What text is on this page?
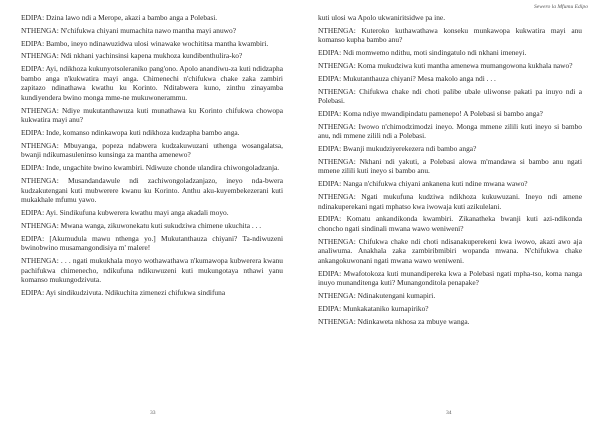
EDIPA: Dzina lawo ndi a Merope, akazi a bambo anga a Polebasi.

NTHENGA: N'chifukwa chiyani mumachita nawo mantha mayi anuwo?

EDIPA: Bambo, ineyo ndinawuzidwa ulosi winawake wochititsa mantha kwambiri.

NTHENGA: Ndi nkhani yachinsinsi kapena mukhoza kundibenthulira-ko?

EDIPA: Ayi, ndikhoza kukunyotsoleraniko pang'ono. Apolo anandiwu-za kuti ndidzapha bambo anga n'kukwatira mayi anga. Chimenechi n'chifukwa chake zaka zambiri zapitazo ndinathawa kwathu ku Korinto. Nditabwera kuno, zinthu zinayamba kundiyendera bwino monga mme-ne mukuwonerammu.

NTHENGA: Ndiye mukutanthawuza kuti munathawa ku Korinto chifukwa chowopa kukwatira mayi anu?

EDIPA: Inde, komanso ndinkawopa kuti ndikhoza kudzapha bambo anga.

NTHENGA: Mbuyanga, popeza ndabwera kudzakuwuzani uthenga wosangalatsa, bwanji ndikumasuleninso kunsinga za mantha amenewo?

EDIPA: Inde, ungachite bwino kwambiri. Ndiwuze chonde ulandira chiwongoladzanja.

NTHENGA: Musandandawule ndi zachiwongoladzanjazo, ineyo nda-bwera kudzakutengani kuti mubwerere kwanu ku Korinto. Anthu aku-kuyembekezerani kuti mukakhale mfumu yawo.

EDIPA: Ayi. Sindikufuna kubwerera kwathu mayi anga akadali moyo.

NTHENGA: Mwana wanga, zikuwonekatu kuti sukudziwa chimene ukuchita . . .

EDIPA: [Akumudula mawu nthenga yo.] Mukutanthauza chiyani? Ta-ndiwuzeni bwinobwino musamangondisiya m' malere!

NTHENGA: . . . ngati mukukhala moyo wothawathawa n'kumawopa kubwerera kwanu pachifukwa chimenecho, ndikufuna ndikuwuzeni kuti mukungotaya nthawi yanu komanso mukungodzivuta.

EDIPA: Ayi sindikudzivuta. Ndikuchita zimenezi chifukwa sindifuna

33
Sewero la Mfumu Edipo

kuti ulosi wa Apolo ukwaniritsidwe pa ine.

NTHENGA: Kuteroko kuthawathawa konseku munkawopa kukwatira mayi anu komanso kupha bambo anu?

EDIPA: Ndi momwemo ndithu, moti sindingatulo ndi nkhani imeneyi.

NTHENGA: Koma mukudziwa kuti mantha amenewa mumangowona kukhala nawo?

EDIPA: Mukutanthauza chiyani? Mesa makolo anga ndi . . .

NTHENGA: Chifukwa chake ndi choti palibe ubale uliwonse pakati pa inuyo ndi a Polebasi.

EDIPA: Koma ndiye mwandipindatu pamenepo! A Polebasi si bambo anga?

NTHENGA: Iwowo n'chimodzimodzi ineyo. Monga mmene zilili kuti ineyo si bambo anu, ndi mmene zilili ndi a Polebasi.

EDIPA: Bwanji mukudziyerekezera ndi bambo anga?

NTHENGA: Nkhani ndi yakuti, a Polebasi alowa m'mandawa si bambo anu ngati mmene zilili kuti ineyo si bambo anu.

EDIPA: Nanga n'chifukwa chiyani ankanena kuti ndine mwana wawo?

NTHENGA: Ngati mukufuna kudziwa ndikhoza kukuwuzani. Ineyo ndi amene ndinakuperekani ngati mphatso kwa iwowaja kuti azikulelani.

EDIPA: Komatu ankandikonda kwambiri. Zikanatheka bwanji kuti azi-ndikonda choncho ngati sindinali mwana wawo weniweni?

NTHENGA: Chifukwa chake ndi choti ndisanakuperekeni kwa iwowo, akazi awo aja analiwuma. Anakhala zaka zambiribmibiri wopanda mwana. N'chifukwa chake ankangokuwonani ngati mwana wawo weniweni.

EDIPA: Mwafotokoza kuti munandipereka kwa a Polebasi ngati mpha-tso, koma nanga inuyo munanditenga kuti? Munangonditola penapake?

NTHENGA: Ndinakutengani kumapiri.

EDIPA: Munkakataniko kumapiriko?

NTHENGA: Ndinkaweta nkhosa za mbuye wanga.

34
